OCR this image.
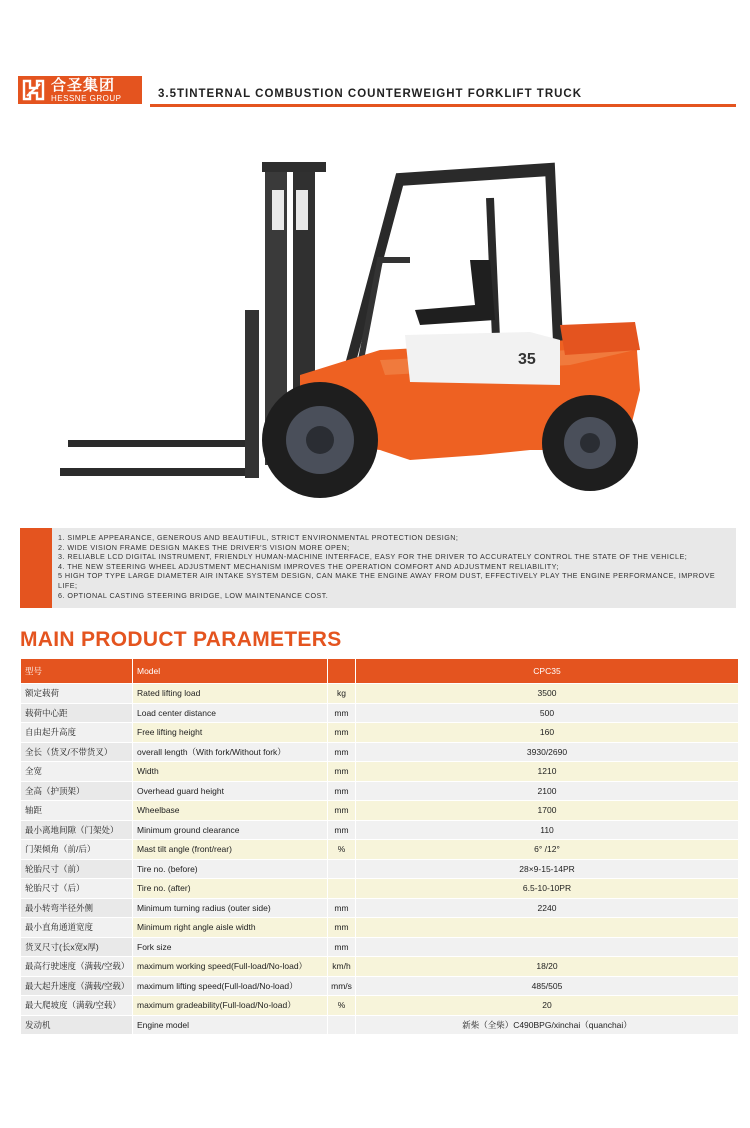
合圣集团
HESSNE GROUP	3.5TINTERNAL COMBUSTION COUNTERWEIGHT FORKLIFT TRUCK
35
1. SIMPLE APPEARANCE, GENEROUS AND BEAUTIFUL, STRICT ENVIRONMENTAL PROTECTION DESIGN;
2. WIDE VISION FRAME DESIGN MAKES THE DRIVER'S VISION MORE OPEN;
3. RELIABLE LCD DIGITAL INSTRUMENT, FRIENDLY HUMAN-MACHINE INTERFACE, EASY FOR THE DRIVER TO ACCURATELY CONTROL THE STATE OF THE VEHICLE;
4. THE NEW STEERING WHEEL ADJUSTMENT MECHANISM IMPROVES THE OPERATION COMFORT AND ADJUSTMENT RELIABILITY;
5 HIGH TOP TYPE LARGE DIAMETER AIR INTAKE SYSTEM DESIGN, CAN MAKE THE ENGINE AWAY FROM DUST, EFFECTIVELY PLAY THE ENGINE PERFORMANCE, IMPROVE LIFE;
6. OPTIONAL CASTING STEERING BRIDGE, LOW MAINTENANCE COST.
MAIN PRODUCT PARAMETERS
型号	Model		CPC35
额定载荷	Rated lifting load	kg	3500
载荷中心距	Load center distance	mm	500
自由起升高度	Free lifting height	mm	160
全长（货叉/不带货叉）	overall length（With fork/Without fork）	mm	3930/2690
全宽	Width	mm	1210
全高（护顶架）	Overhead guard height	mm	2100
轴距	Wheelbase	mm	1700
最小离地间隙（门架处）	Minimum ground clearance	mm	110
门架倾角（前/后）	Mast tilt angle (front/rear)	%	6° /12°
轮胎尺寸（前）	Tire no. (before)		28×9-15-14PR
轮胎尺寸（后）	Tire no. (after)		6.5-10-10PR
最小转弯半径外侧	Minimum turning radius (outer side)	mm	2240
最小直角通道宽度	Minimum right angle aisle width	mm	
货叉尺寸(长x宽x厚)	Fork size	mm	
最高行驶速度（满载/空载）	maximum working speed(Full-load/No-load）	km/h	18/20
最大起升速度（满载/空载）	maximum lifting speed(Full-load/No-load）	mm/s	485/505
最大爬坡度（满载/空载）	maximum gradeability(Full-load/No-load）	%	20
发动机	Engine model		新柴（全柴）C490BPG/xinchai（quanchai）
